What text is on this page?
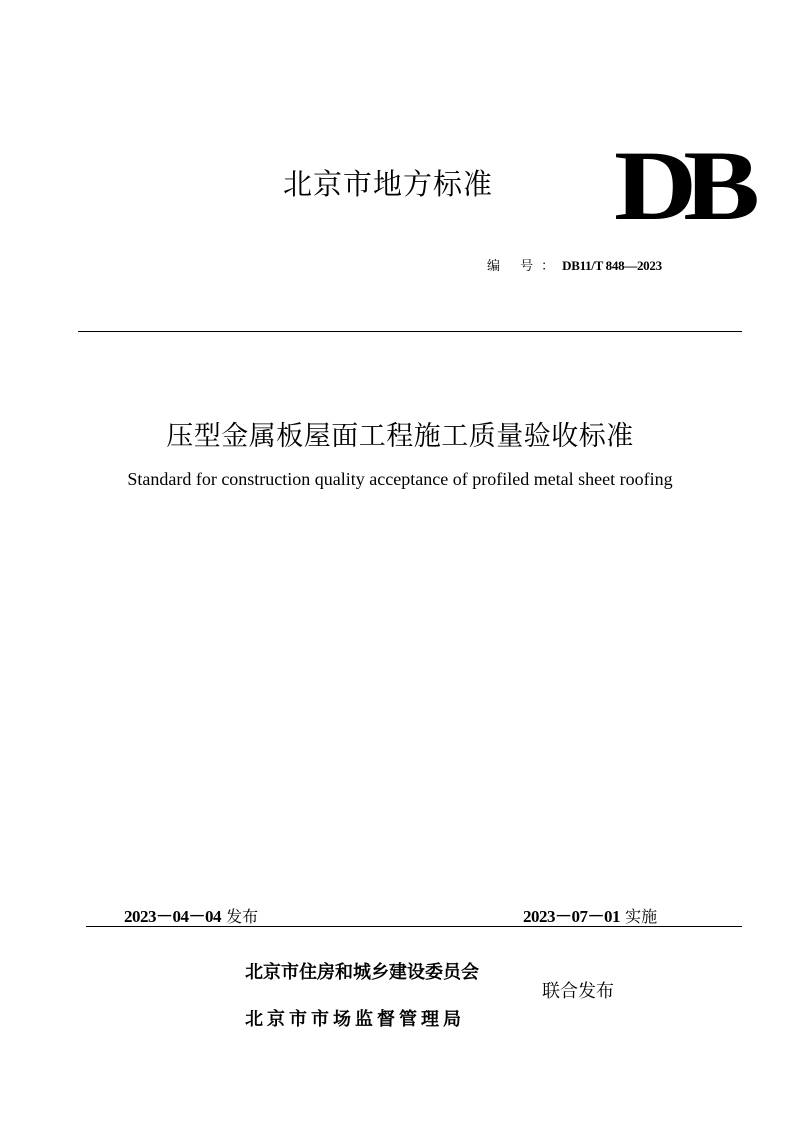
北京市地方标准 DB
编 号：DB11/T 848—2023
压型金属板屋面工程施工质量验收标准
Standard for construction quality acceptance of profiled metal sheet roofing
2023－04－04 发布	2023－07－01 实施
北京市住房和城乡建设委员会
北京市市场监督管理局
联合发布
